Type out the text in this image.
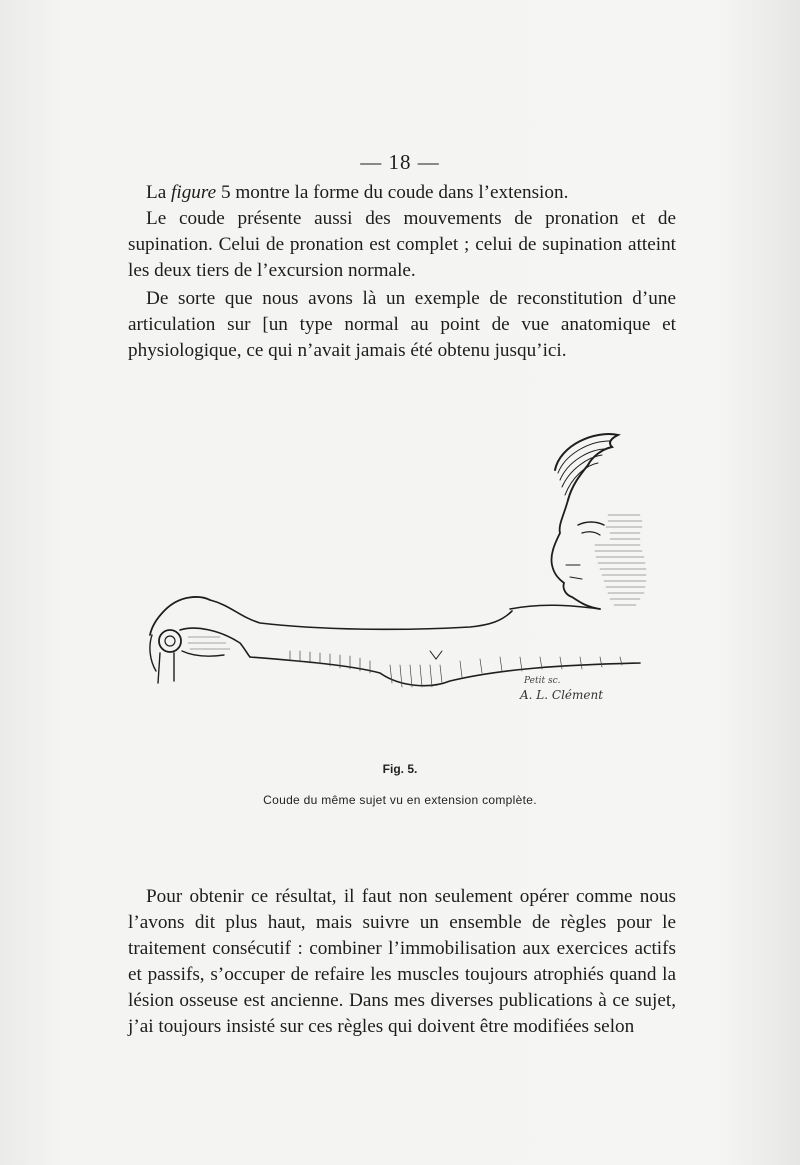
— 18 —

La figure 5 montre la forme du coude dans l’extension.

Le coude présente aussi des mouvements de pronation et de supination. Celui de pronation est complet ; celui de supination atteint les deux tiers de l’excursion normale.

De sorte que nous avons là un exemple de reconstitution d’une articulation sur [un type normal au point de vue anatomique et physiologique, ce qui n’avait jamais été obtenu jusqu’ici.

Petit sc.
A. L. Clément
Fig. 5.
Coude du même sujet vu en extension complète.

Pour obtenir ce résultat, il faut non seulement opérer comme nous l’avons dit plus haut, mais suivre un ensemble de règles pour le traitement consécutif : combiner l’immobilisation aux exercices actifs et passifs, s’occuper de refaire les muscles toujours atrophiés quand la lésion osseuse est ancienne. Dans mes diverses publications à ce sujet, j’ai toujours insisté sur ces règles qui doivent être modifiées selon
